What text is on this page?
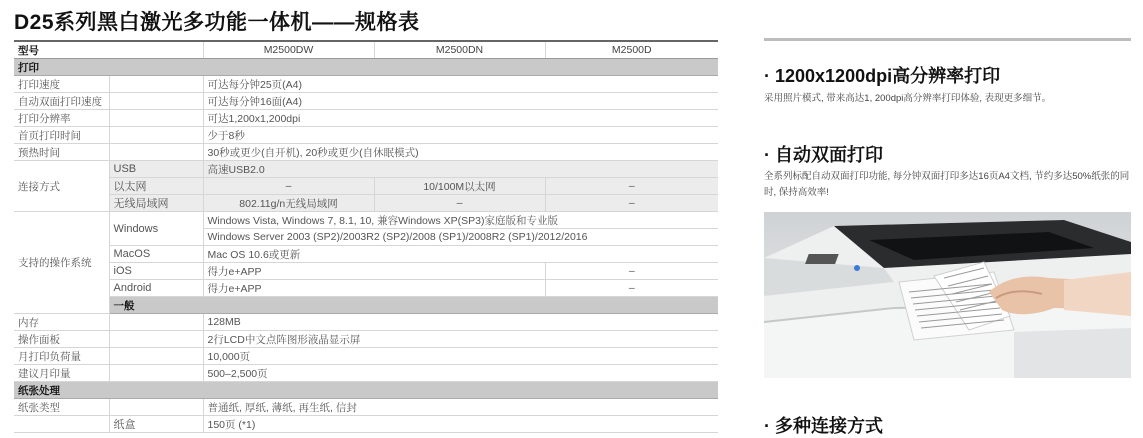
D25系列黑白激光多功能一体机——规格表
型号		M2500DW	M2500DN	M2500D
打印				
打印速度		可达每分钟25页(A4)		
自动双面打印速度		可达每分钟16面(A4)		
打印分辨率		可达1,200x1,200dpi		
首页打印时间		少于8秒		
预热时间		30秒或更少(自开机), 20秒或更少(自休眠模式)		
连接方式	USB	高速USB2.0		
	以太网	–	10/100M以太网	–
	无线局域网	802.11g/n无线局域网	–	–
支持的操作系统	Windows	Windows Vista, Windows 7, 8.1, 10, 兼容Windows XP(SP3)家庭版和专业版		
		Windows Server 2003 (SP2)/2003R2 (SP2)/2008 (SP1)/2008R2 (SP1)/2012/2016		
	MacOS	Mac OS 10.6或更新		
	iOS	得力e+APP		–
	Android	得力e+APP		–
	一般			
内存		128MB		
操作面板		2行LCD中文点阵图形液晶显示屏		
月打印负荷量		10,000页		
建议月印量		500–2,500页		
纸张处理				
纸张类型		普通纸, 厚纸, 薄纸, 再生纸, 信封		
	纸盒	150页 (*1)		
· 1200x1200dpi高分辨率打印
采用照片模式, 带来高达1, 200dpi高分辨率打印体验, 表现更多细节。
· 自动双面打印
全系列标配自动双面打印功能, 每分钟双面打印多达16页A4文档, 节约多达50%纸张的同时, 保持高效率!
· 多种连接方式
